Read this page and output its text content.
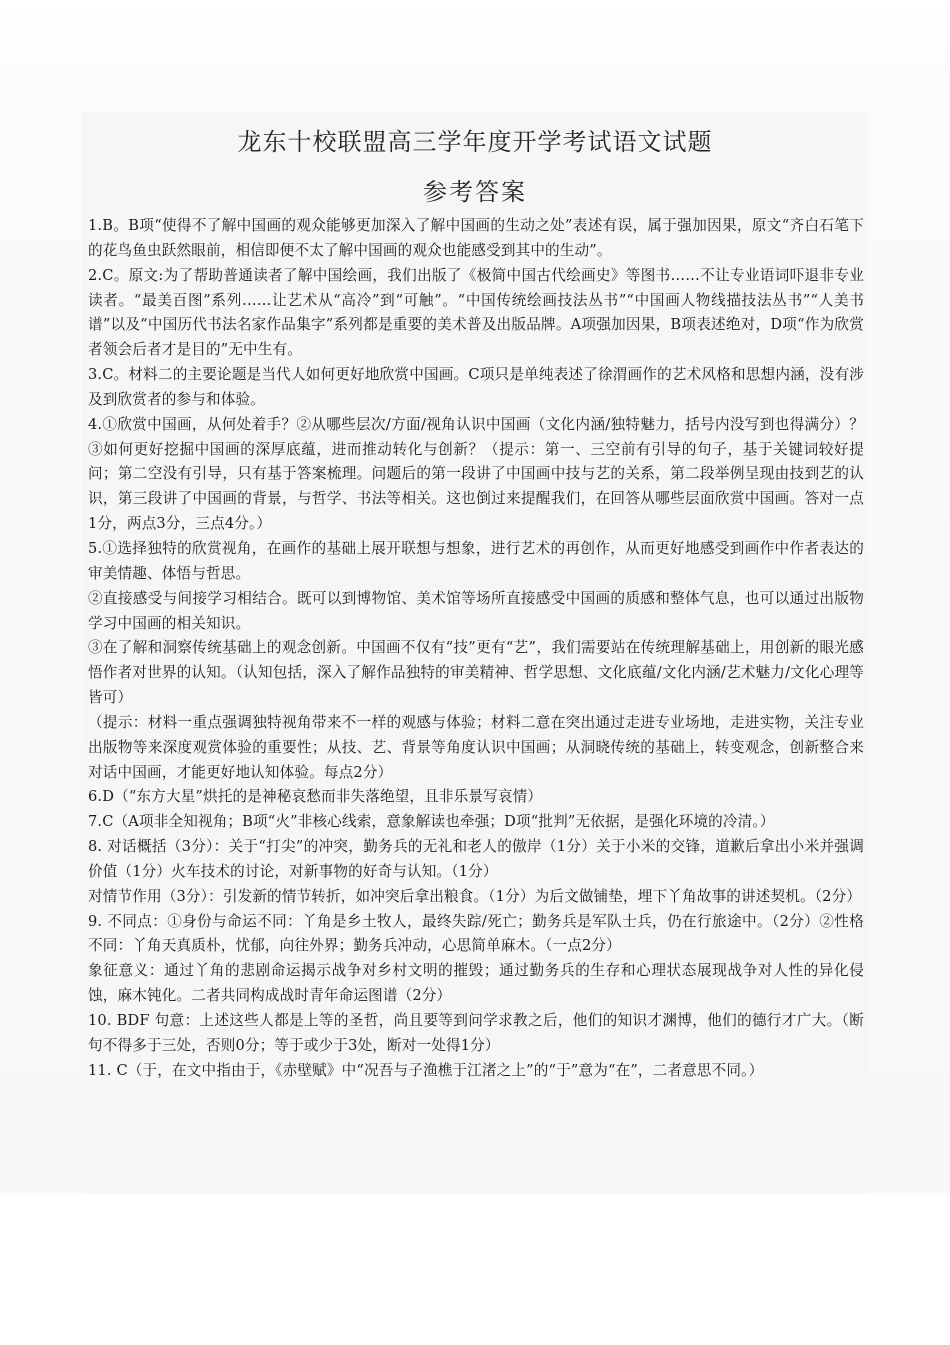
龙东十校联盟高三学年度开学考试语文试题
参考答案

1.B。B项“使得不了解中国画的观众能够更加深入了解中国画的生动之处”表述有误，属于强加因果，原文“齐白石笔下的花鸟鱼虫跃然眼前，相信即便不太了解中国画的观众也能感受到其中的生动”。

2.C。原文:为了帮助普通读者了解中国绘画，我们出版了《极简中国古代绘画史》等图书……不让专业语词吓退非专业读者。“最美百图”系列……让艺术从“高冷”到“可触”。“中国传统绘画技法丛书”“中国画人物线描技法丛书”“人美书谱”以及“中国历代书法名家作品集字”系列都是重要的美术普及出版品牌。A项强加因果，B项表述绝对，D项“作为欣赏者领会后者才是目的”无中生有。

3.C。材料二的主要论题是当代人如何更好地欣赏中国画。C项只是单纯表述了徐渭画作的艺术风格和思想内涵，没有涉及到欣赏者的参与和体验。

4.①欣赏中国画，从何处着手？②从哪些层次/方面/视角认识中国画（文化内涵/独特魅力，括号内没写到也得满分）？③如何更好挖掘中国画的深厚底蕴，进而推动转化与创新？（提示：第一、三空前有引导的句子，基于关键词较好提问；第二空没有引导，只有基于答案梳理。问题后的第一段讲了中国画中技与艺的关系，第二段举例呈现由技到艺的认识，第三段讲了中国画的背景，与哲学、书法等相关。这也倒过来提醒我们，在回答从哪些层面欣赏中国画。答对一点1分，两点3分，三点4分。）

5.①选择独特的欣赏视角，在画作的基础上展开联想与想象，进行艺术的再创作，从而更好地感受到画作中作者表达的审美情趣、体悟与哲思。

②直接感受与间接学习相结合。既可以到博物馆、美术馆等场所直接感受中国画的质感和整体气息，也可以通过出版物学习中国画的相关知识。

③在了解和洞察传统基础上的观念创新。中国画不仅有“技”更有“艺”，我们需要站在传统理解基础上，用创新的眼光感悟作者对世界的认知。（认知包括，深入了解作品独特的审美精神、哲学思想、文化底蕴/文化内涵/艺术魅力/文化心理等皆可）

（提示：材料一重点强调独特视角带来不一样的观感与体验；材料二意在突出通过走进专业场地，走进实物，关注专业出版物等来深度观赏体验的重要性；从技、艺、背景等角度认识中国画；从洞晓传统的基础上，转变观念，创新整合来对话中国画，才能更好地认知体验。每点2分）

6.D（“东方大星”烘托的是神秘哀愁而非失落绝望，且非乐景写哀情）

7.C（A项非全知视角；B项“火”非核心线索，意象解读也牵强；D项“批判”无依据，是强化环境的冷清。）

8. 对话概括（3分）：关于“打尖”的冲突，勤务兵的无礼和老人的傲岸（1分）关于小米的交锋，道歉后拿出小米并强调价值（1分）火车技术的讨论，对新事物的好奇与认知。（1分）

对情节作用（3分）：引发新的情节转折，如冲突后拿出粮食。（1分）为后文做铺垫，埋下丫角故事的讲述契机。（2分）

9. 不同点：①身份与命运不同：丫角是乡土牧人，最终失踪/死亡；勤务兵是军队士兵，仍在行旅途中。（2分）②性格不同：丫角天真质朴，忧郁，向往外界；勤务兵冲动，心思简单麻木。（一点2分）

象征意义：通过丫角的悲剧命运揭示战争对乡村文明的摧毁；通过勤务兵的生存和心理状态展现战争对人性的异化侵蚀，麻木钝化。二者共同构成战时青年命运图谱（2分）

10. BDF 句意：上述这些人都是上等的圣哲，尚且要等到问学求教之后，他们的知识才渊博，他们的德行才广大。（断句不得多于三处，否则0分；等于或少于3处，断对一处得1分）

11. C（于，在文中指由于，《赤壁赋》中“况吾与子渔樵于江渚之上”的“于”意为“在”，二者意思不同。）
